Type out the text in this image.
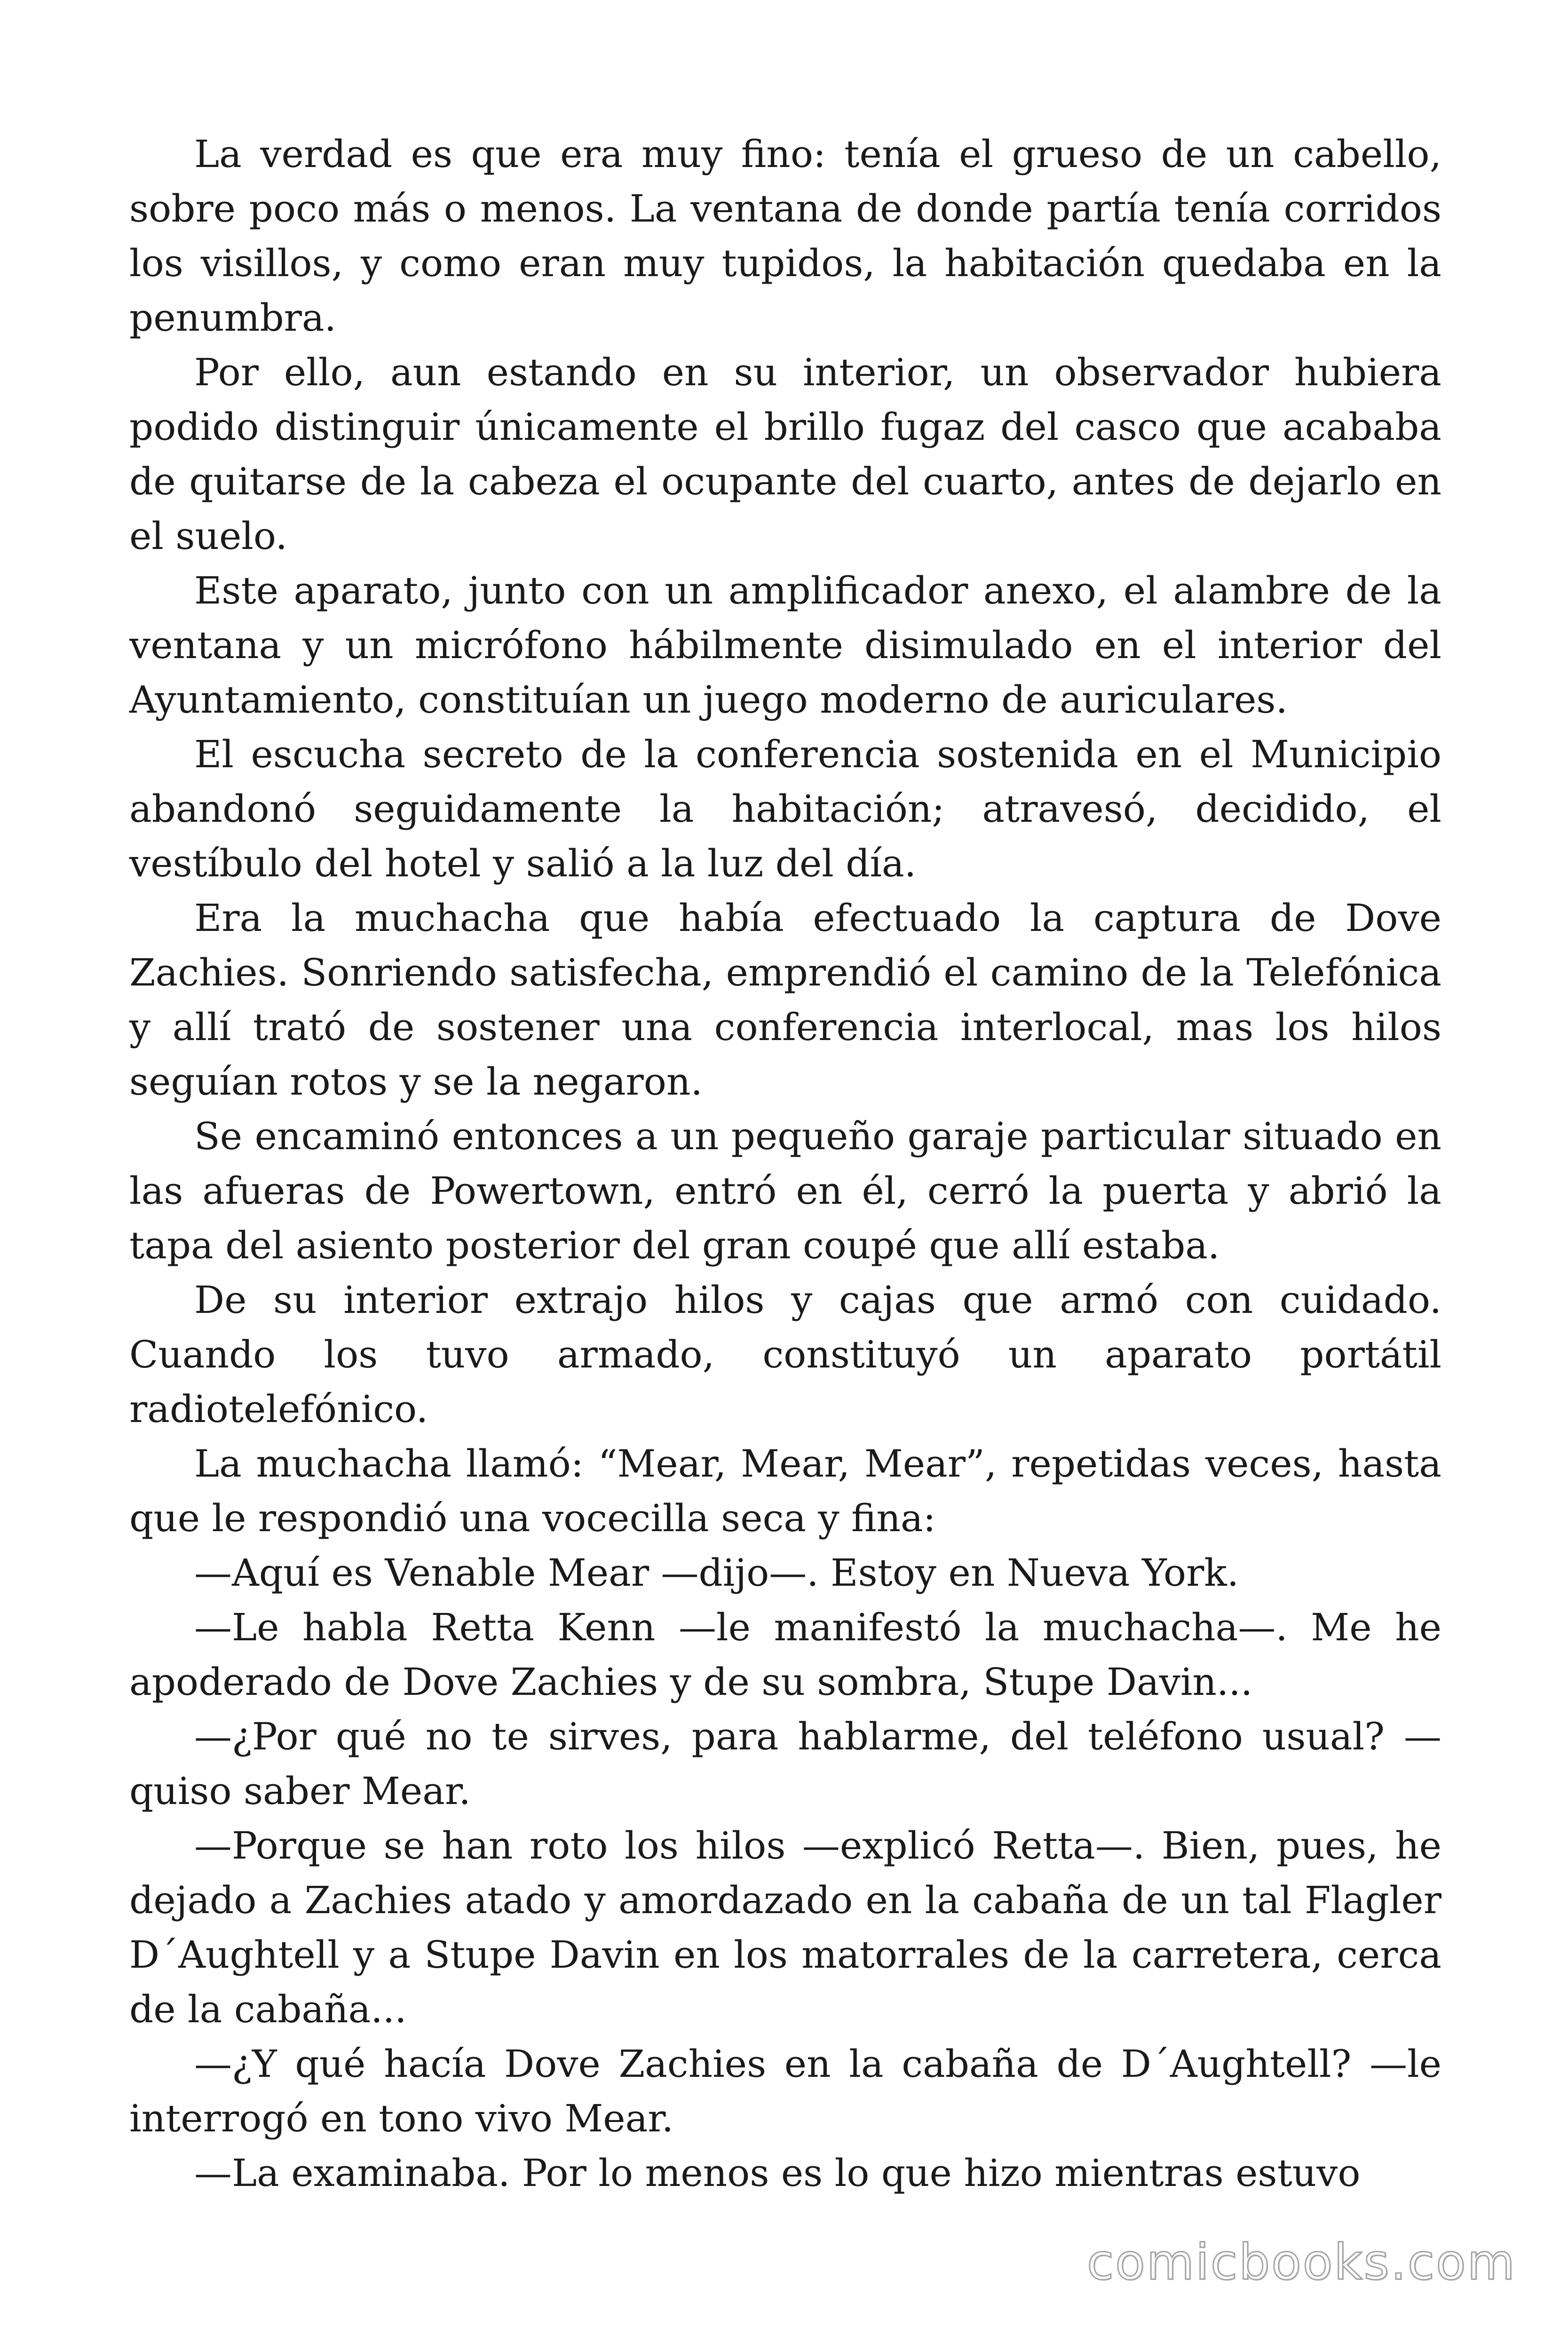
La verdad es que era muy fino: tenía el grueso de un cabello, sobre poco más o menos. La ventana de donde partía tenía corridos los visillos, y como eran muy tupidos, la habitación quedaba en la penumbra.

Por ello, aun estando en su interior, un observador hubiera podido distinguir únicamente el brillo fugaz del casco que acababa de quitarse de la cabeza el ocupante del cuarto, antes de dejarlo en el suelo.

Este aparato, junto con un amplificador anexo, el alambre de la ventana y un micrófono hábilmente disimulado en el interior del Ayuntamiento, constituían un juego moderno de auriculares.

El escucha secreto de la conferencia sostenida en el Municipio abandonó seguidamente la habitación; atravesó, decidido, el vestíbulo del hotel y salió a la luz del día.

Era la muchacha que había efectuado la captura de Dove Zachies. Sonriendo satisfecha, emprendió el camino de la Telefónica y allí trató de sostener una conferencia interlocal, mas los hilos seguían rotos y se la negaron.

Se encaminó entonces a un pequeño garaje particular situado en las afueras de Powertown, entró en él, cerró la puerta y abrió la tapa del asiento posterior del gran coupé que allí estaba.

De su interior extrajo hilos y cajas que armó con cuidado. Cuando los tuvo armado, constituyó un aparato portátil radiotelefónico.

La muchacha llamó: “Mear, Mear, Mear”, repetidas veces, hasta que le respondió una vocecilla seca y fina:

—Aquí es Venable Mear —dijo—. Estoy en Nueva York.

—Le habla Retta Kenn —le manifestó la muchacha—. Me he apoderado de Dove Zachies y de su sombra, Stupe Davin...

—¿Por qué no te sirves, para hablarme, del teléfono usual? —quiso saber Mear.

—Porque se han roto los hilos —explicó Retta—. Bien, pues, he dejado a Zachies atado y amordazado en la cabaña de un tal Flagler D´Aughtell y a Stupe Davin en los matorrales de la carretera, cerca de la cabaña...

—¿Y qué hacía Dove Zachies en la cabaña de D´Aughtell? —le interrogó en tono vivo Mear.

—La examinaba. Por lo menos es lo que hizo mientras estuvo

comicbooks.com
